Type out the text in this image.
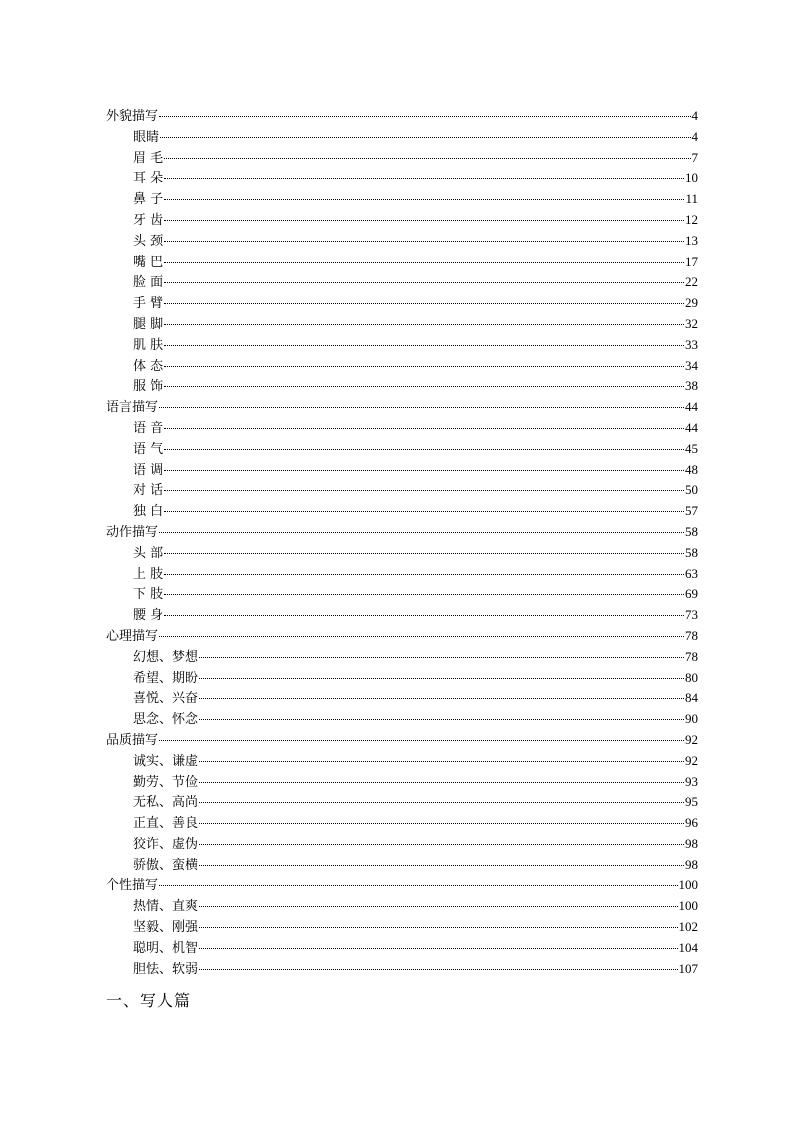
外貌描写	4
眼睛	4
眉 毛	7
耳 朵	10
鼻 子	11
牙 齿	12
头 颈	13
嘴 巴	17
脸 面	22
手 臂	29
腿 脚	32
肌 肤	33
体 态	34
服 饰	38
语言描写	44
语 音	44
语 气	45
语 调	48
对 话	50
独 白	57
动作描写	58
头 部	58
上 肢	63
下 肢	69
腰 身	73
心理描写	78
幻想、梦想	78
希望、期盼	80
喜悦、兴奋	84
思念、怀念	90
品质描写	92
诚实、谦虚	92
勤劳、节俭	93
无私、高尚	95
正直、善良	96
狡诈、虚伪	98
骄傲、蛮横	98
个性描写	100
热情、直爽	100
坚毅、刚强	102
聪明、机智	104
胆怯、软弱	107
一、写人篇
